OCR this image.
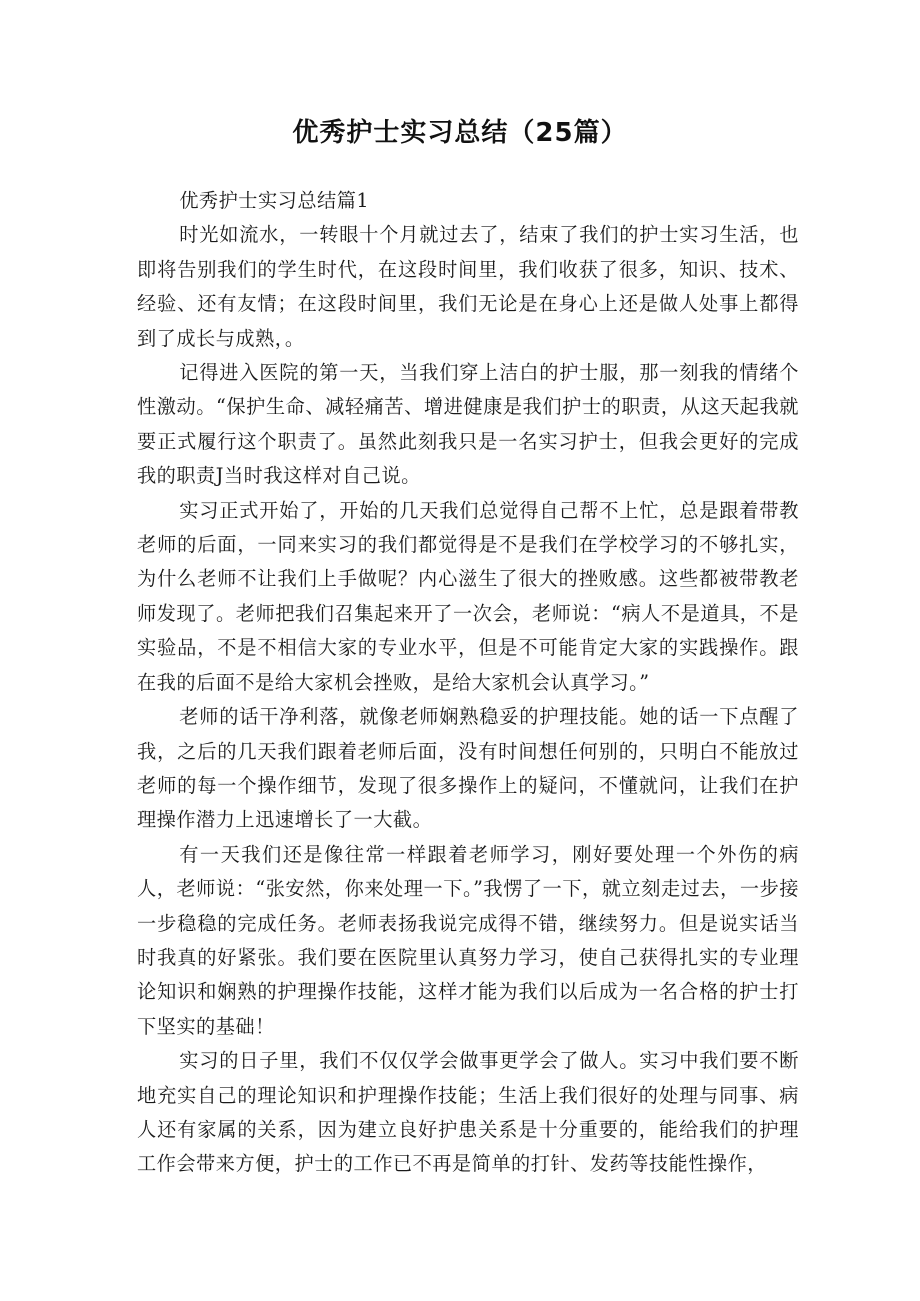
优秀护士实习总结（25篇）

优秀护士实习总结篇1

时光如流水，一转眼十个月就过去了，结束了我们的护士实习生活，也即将告别我们的学生时代，在这段时间里，我们收获了很多，知识、技术、经验、还有友情；在这段时间里，我们无论是在身心上还是做人处事上都得到了成长与成熟，。

记得进入医院的第一天，当我们穿上洁白的护士服，那一刻我的情绪个性激动。“保护生命、减轻痛苦、增进健康是我们护士的职责，从这天起我就要正式履行这个职责了。虽然此刻我只是一名实习护士，但我会更好的完成我的职责J当时我这样对自己说。

实习正式开始了，开始的几天我们总觉得自己帮不上忙，总是跟着带教老师的后面，一同来实习的我们都觉得是不是我们在学校学习的不够扎实，为什么老师不让我们上手做呢？内心滋生了很大的挫败感。这些都被带教老师发现了。老师把我们召集起来开了一次会，老师说：“病人不是道具，不是实验品，不是不相信大家的专业水平，但是不可能肯定大家的实践操作。跟在我的后面不是给大家机会挫败，是给大家机会认真学习。”

老师的话干净利落，就像老师娴熟稳妥的护理技能。她的话一下点醒了我，之后的几天我们跟着老师后面，没有时间想任何别的，只明白不能放过老师的每一个操作细节，发现了很多操作上的疑问，不懂就问，让我们在护理操作潜力上迅速增长了一大截。

有一天我们还是像往常一样跟着老师学习，刚好要处理一个外伤的病人，老师说：“张安然，你来处理一下。”我愣了一下，就立刻走过去，一步接一步稳稳的完成任务。老师表扬我说完成得不错，继续努力。但是说实话当时我真的好紧张。我们要在医院里认真努力学习，使自己获得扎实的专业理论知识和娴熟的护理操作技能，这样才能为我们以后成为一名合格的护士打下坚实的基础！

实习的日子里，我们不仅仅学会做事更学会了做人。实习中我们要不断地充实自己的理论知识和护理操作技能；生活上我们很好的处理与同事、病人还有家属的关系，因为建立良好护患关系是十分重要的，能给我们的护理工作会带来方便，护士的工作已不再是简单的打针、发药等技能性操作，
